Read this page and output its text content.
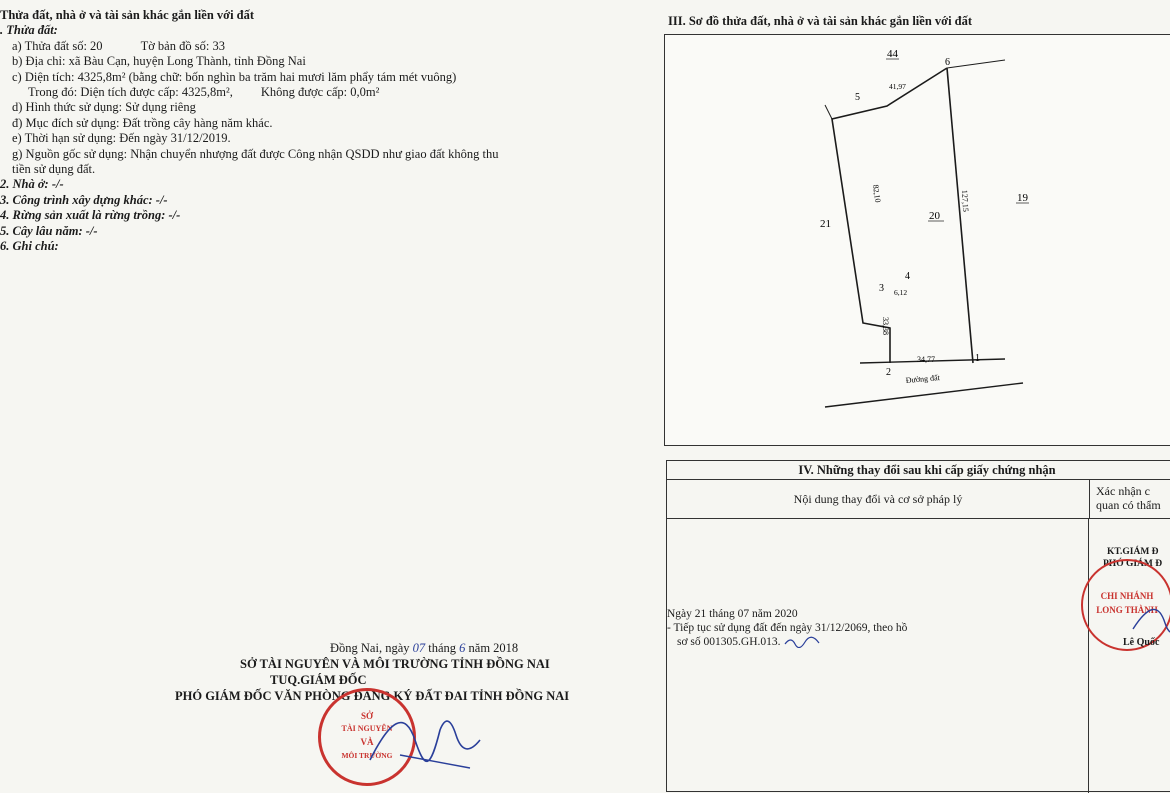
Thửa đất, nhà ở và tài sản khác gắn liền với đất
. Thửa đất:
a) Thửa đất số: 20	Tờ bản đồ số: 33
b) Địa chỉ: xã Bàu Cạn, huyện Long Thành, tỉnh Đồng Nai
c) Diện tích: 4325,8m² (bằng chữ: bốn nghìn ba trăm hai mươi lăm phẩy tám mét vuông)
Trong đó: Diện tích được cấp: 4325,8m², Không được cấp: 0,0m²
d) Hình thức sử dụng: Sử dụng riêng
đ) Mục đích sử dụng: Đất trồng cây hàng năm khác.
e) Thời hạn sử dụng: Đến ngày 31/12/2019.
g) Nguồn gốc sử dụng: Nhận chuyển nhượng đất được Công nhận QSDD như giao đất không thu
tiền sử dụng đất.
2. Nhà ở: -/-
3. Công trình xây dựng khác: -/-
4. Rừng sản xuất là rừng trồng: -/-
5. Cây lâu năm: -/-
6. Ghi chú:
Đồng Nai, ngày 07 tháng 6 năm 2018
SỞ TÀI NGUYÊN VÀ MÔI TRƯỜNG TỈNH ĐỒNG NAI
TUQ.GIÁM ĐỐC
PHÓ GIÁM ĐỐC VĂN PHÒNG ĐĂNG KÝ ĐẤT ĐAI TỈNH ĐỒNG NAI
SỞ
TÀI NGUYÊN
VÀ
MÔI TRƯỜNG
III. Sơ đồ thửa đất, nhà ở và tài sản khác gắn liền với đất
44
19
21
20
1
2
3
4
5
6
41,97
127,15
82,10
6,12
33,38
34,77
Đường đất
IV. Những thay đổi sau khi cấp giấy chứng nhận
Nội dung thay đổi và cơ sở pháp lý
Xác nhận c
quan có thẩm
Ngày 21 tháng 07 năm 2020
- Tiếp tục sử dụng đất đến ngày 31/12/2069, theo hồ
sơ số 001305.GH.013.
KT.GIÁM Đ
PHÓ GIÁM Đ
CHI NHÁNH
LONG THÀNH
Lê Quốc
